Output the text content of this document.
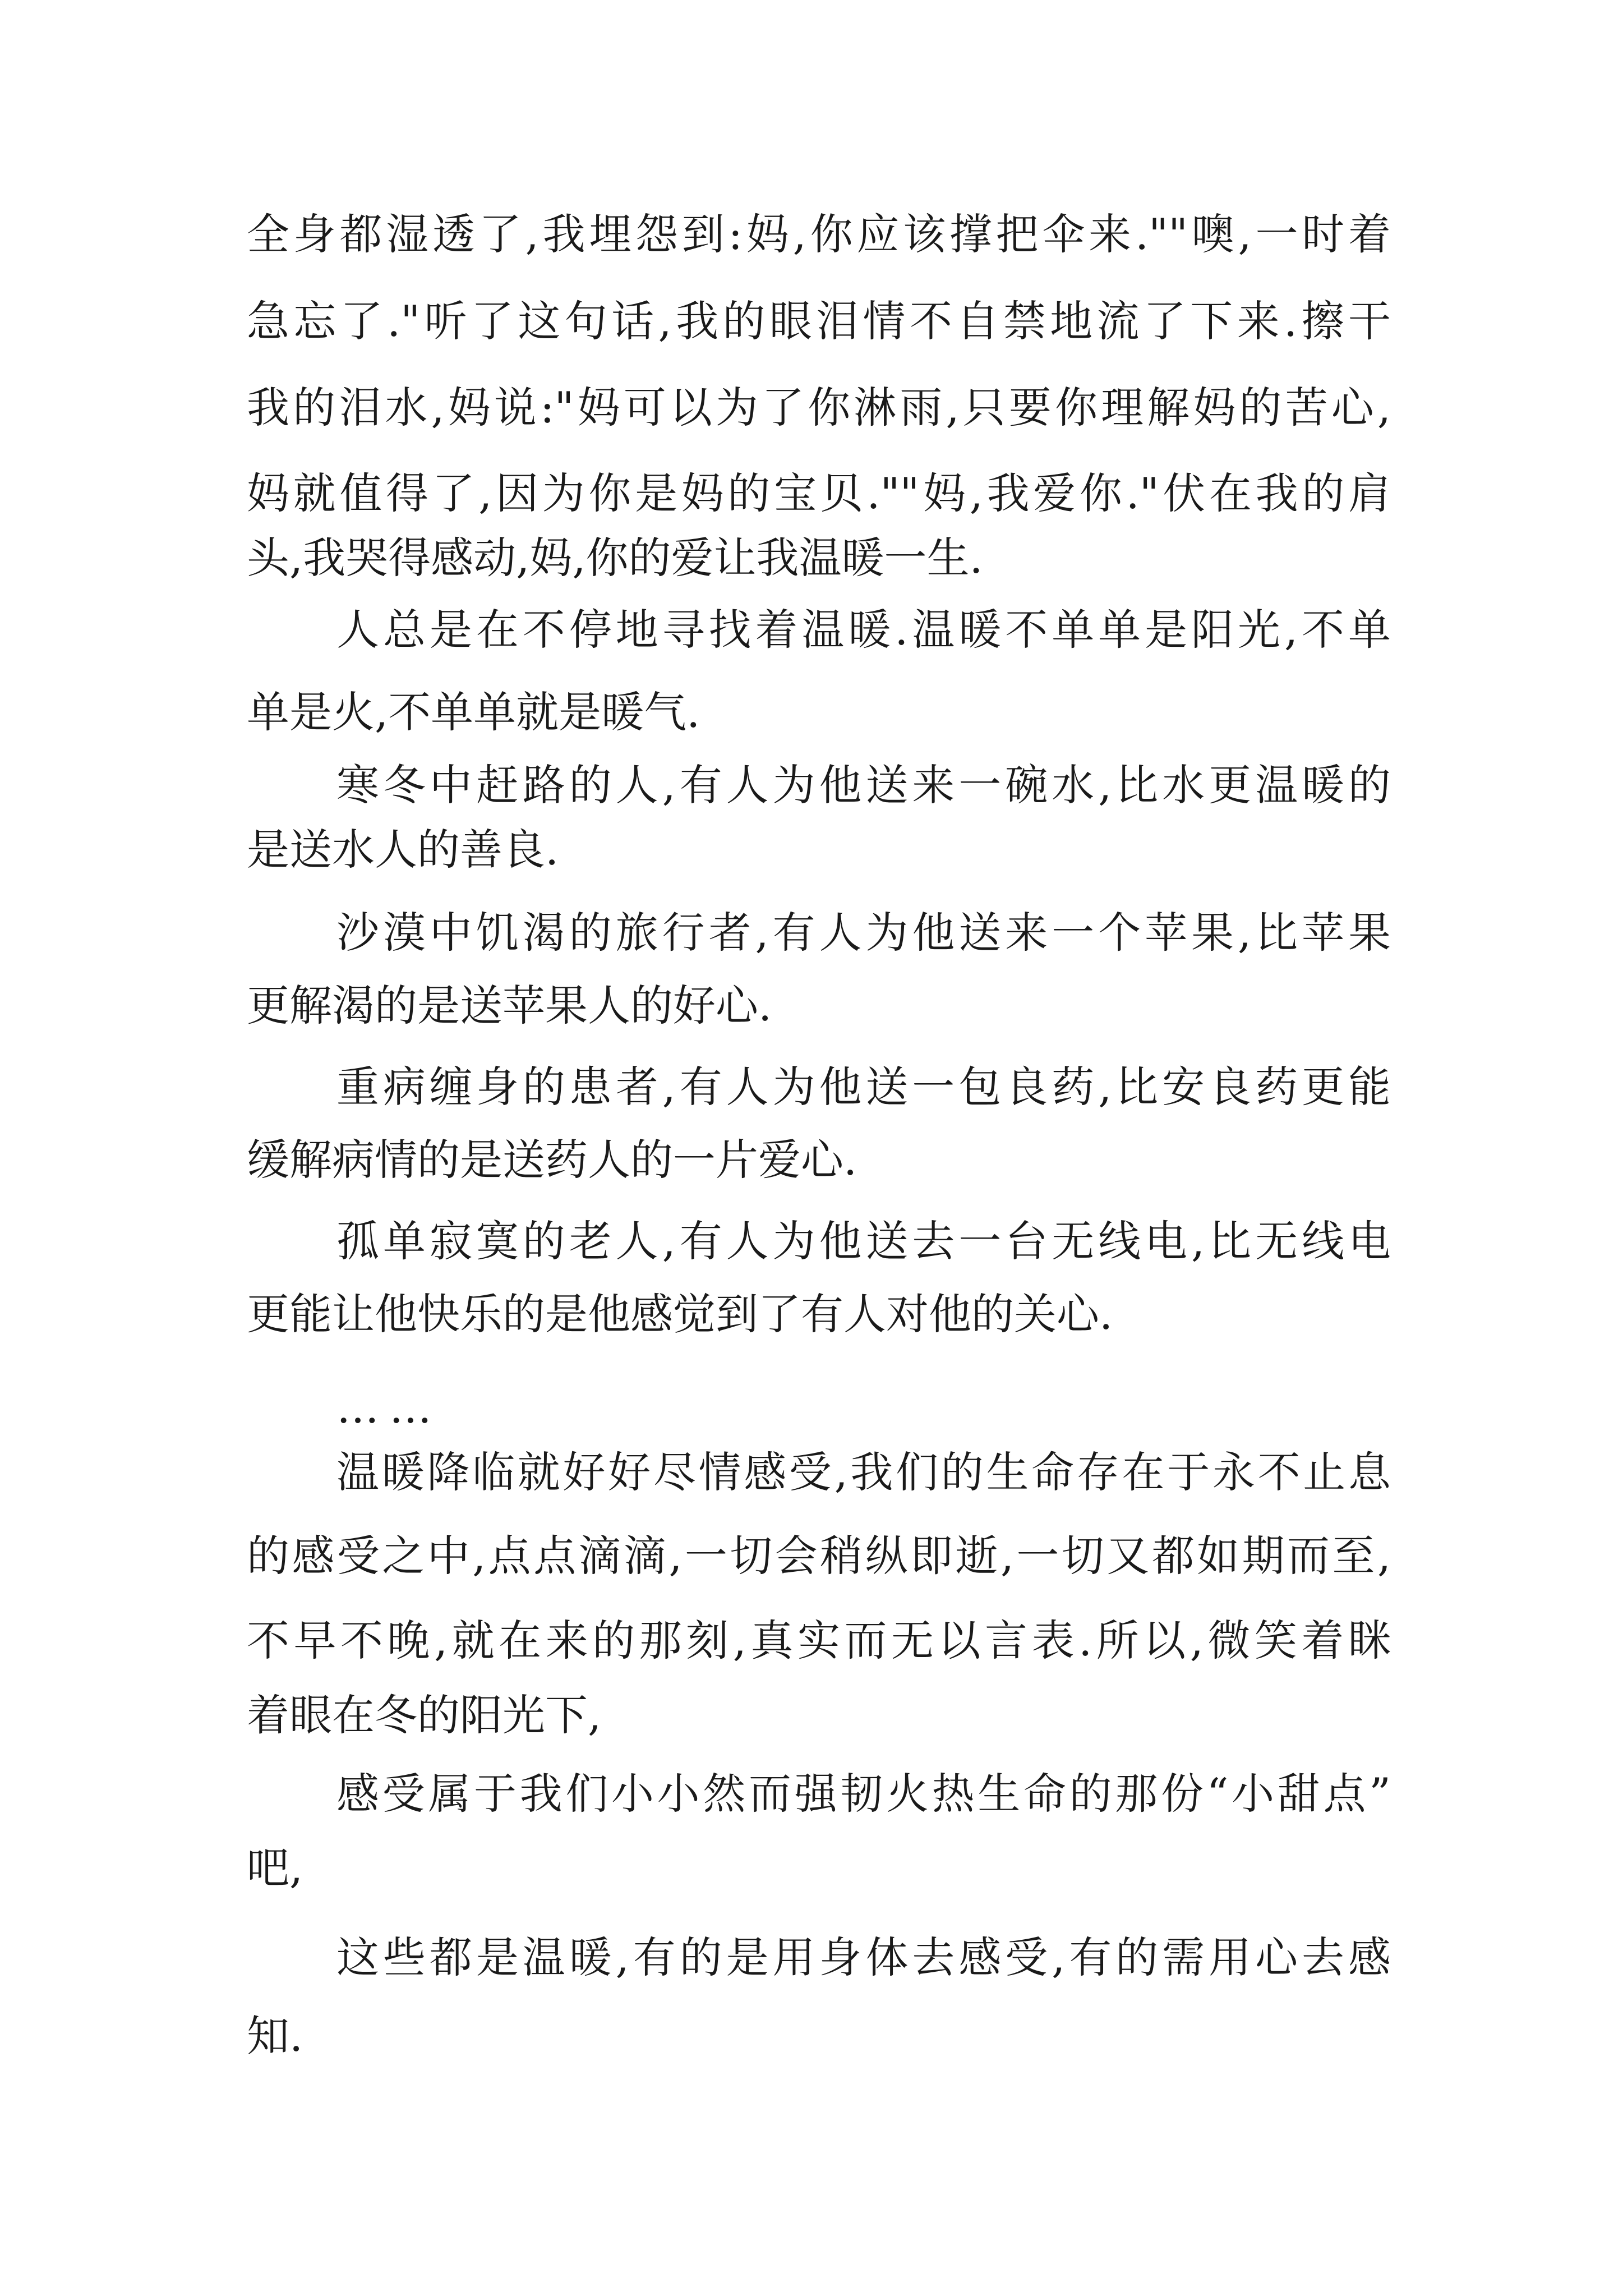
全身都湿透了,我埋怨到:妈,你应该撑把伞来.""噢,一时着
急忘了."听了这句话,我的眼泪情不自禁地流了下来.擦干
我的泪水,妈说:"妈可以为了你淋雨,只要你理解妈的苦心,
妈就值得了,因为你是妈的宝贝.""妈,我爱你."伏在我的肩
头,我哭得感动,妈,你的爱让我温暖一生.
人总是在不停地寻找着温暖.温暖不单单是阳光,不单
单是火,不单单就是暖气.
寒冬中赶路的人,有人为他送来一碗水,比水更温暖的
是送水人的善良.
沙漠中饥渴的旅行者,有人为他送来一个苹果,比苹果
更解渴的是送苹果人的好心.
重病缠身的患者,有人为他送一包良药,比安良药更能
缓解病情的是送药人的一片爱心.
孤单寂寞的老人,有人为他送去一台无线电,比无线电
更能让他快乐的是他感觉到了有人对他的关心.
……
温暖降临就好好尽情感受,我们的生命存在于永不止息
的感受之中,点点滴滴,一切会稍纵即逝,一切又都如期而至,
不早不晚,就在来的那刻,真实而无以言表.所以,微笑着眯
着眼在冬的阳光下,
感受属于我们小小然而强韧火热生命的那份“小甜点”
吧,
这些都是温暖,有的是用身体去感受,有的需用心去感
知.
